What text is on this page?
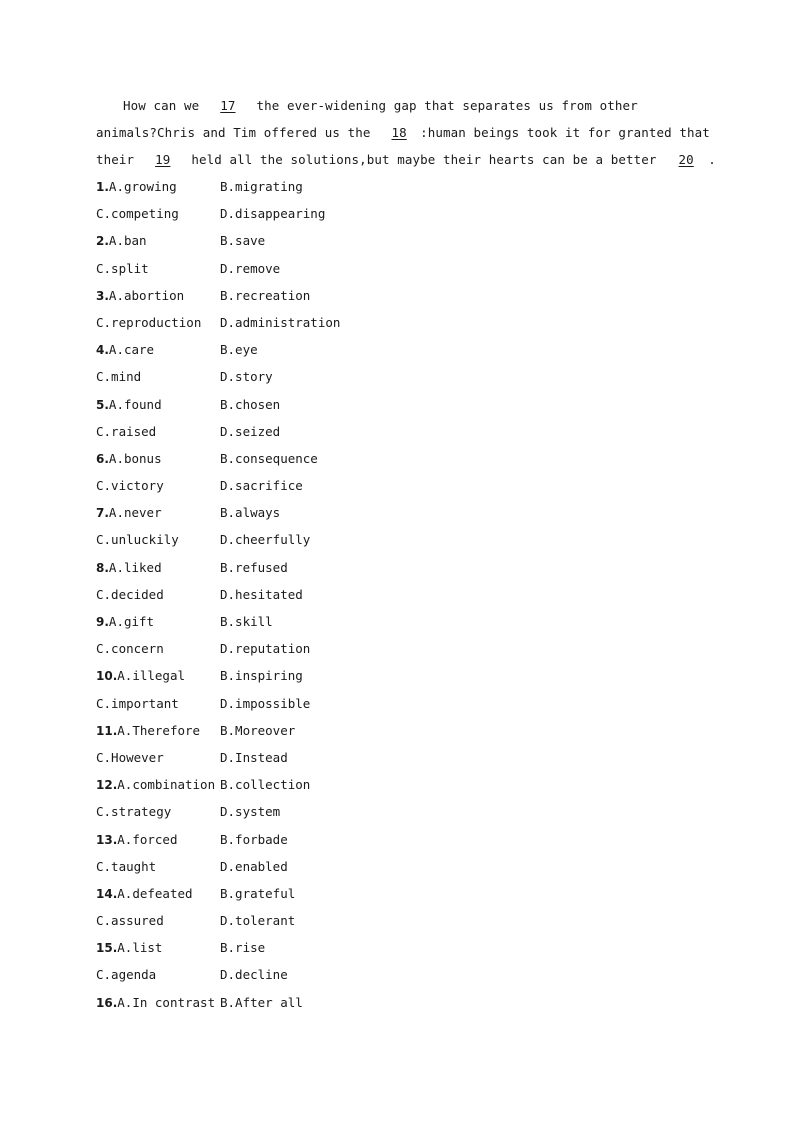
How can we 17 the ever-widening gap that separates us from other
animals?Chris and Tim offered us the 18 :human beings took it for granted that
their 19 held all the solutions,but maybe their hearts can be a better 20 .
1.A.growing	B.migrating
C.competing	D.disappearing
2.A.ban	B.save
C.split	D.remove
3.A.abortion	B.recreation
C.reproduction D.administration
4.A.care	B.eye
C.mind	D.story
5.A.found	B.chosen
C.raised	D.seized
6.A.bonus	B.consequence
C.victory	D.sacrifice
7.A.never	B.always
C.unluckily	D.cheerfully
8.A.liked	B.refused
C.decided	D.hesitated
9.A.gift	B.skill
C.concern	D.reputation
10.A.illegal	B.inspiring
C.important	D.impossible
11.A.Therefore B.Moreover
C.However	D.Instead
12.A.combination B.collection
C.strategy	D.system
13.A.forced	B.forbade
C.taught	D.enabled
14.A.defeated B.grateful
C.assured	D.tolerant
15.A.list	B.rise
C.agenda	D.decline
16.A.In contrast B.After all
